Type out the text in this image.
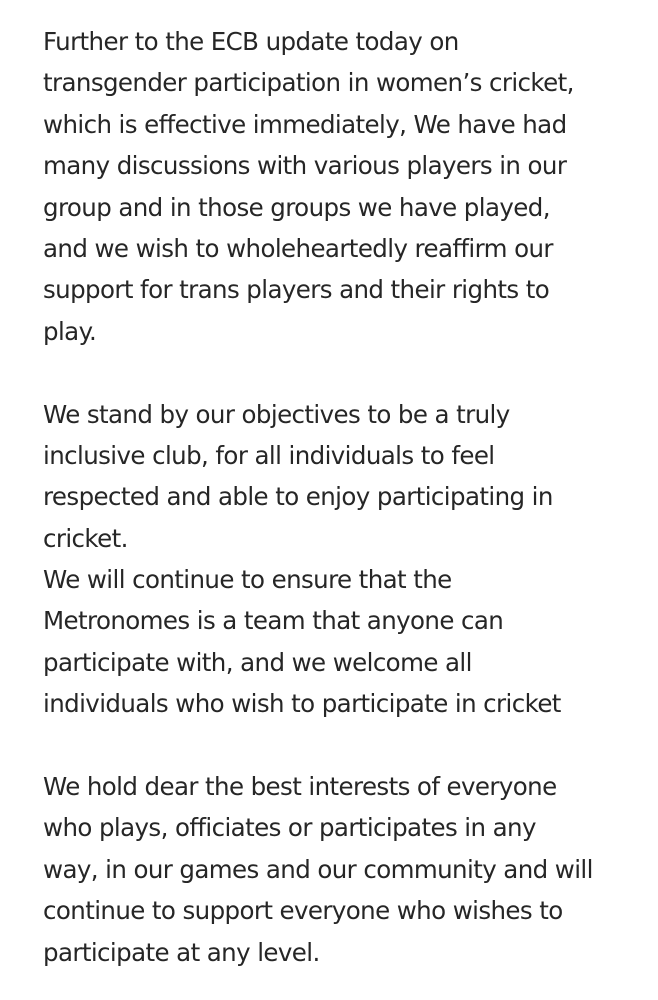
Further to the ECB update today on
transgender participation in women’s cricket,
which is effective immediately, We have had
many discussions with various players in our
group and in those groups we have played,
and we wish to wholeheartedly reaffirm our
support for trans players and their rights to
play.
We stand by our objectives to be a truly
inclusive club, for all individuals to feel
respected and able to enjoy participating in
cricket.
We will continue to ensure that the
Metronomes is a team that anyone can
participate with, and we welcome all
individuals who wish to participate in cricket
We hold dear the best interests of everyone
who plays, officiates or participates in any
way, in our games and our community and will
continue to support everyone who wishes to
participate at any level.
